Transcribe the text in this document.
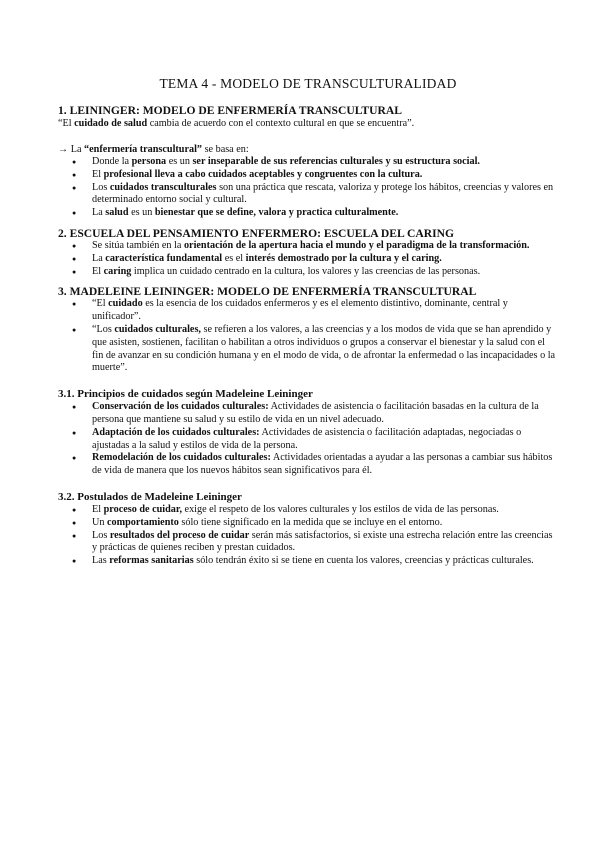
TEMA 4 - MODELO DE TRANSCULTURALIDAD

1. LEININGER: MODELO DE ENFERMERÍA TRANSCULTURAL

“El cuidado de salud cambia de acuerdo con el contexto cultural en que se encuentra”.

→ La “enfermería transcultural” se basa en:

● Donde la persona es un ser inseparable de sus referencias culturales y su estructura social.
● El profesional lleva a cabo cuidados aceptables y congruentes con la cultura.
● Los cuidados transculturales son una práctica que rescata, valoriza y protege los hábitos, creencias y valores en determinado entorno social y cultural.
● La salud es un bienestar que se define, valora y practica culturalmente.

2. ESCUELA DEL PENSAMIENTO ENFERMERO: ESCUELA DEL CARING

● Se sitúa también en la orientación de la apertura hacia el mundo y el paradigma de la transformación.
● La característica fundamental es el interés demostrado por la cultura y el caring.
● El caring implica un cuidado centrado en la cultura, los valores y las creencias de las personas.

3. MADELEINE LEININGER: MODELO DE ENFERMERÍA TRANSCULTURAL

● “El cuidado es la esencia de los cuidados enfermeros y es el elemento distintivo, dominante, central y unificador”.
● “Los cuidados culturales, se refieren a los valores, a las creencias y a los modos de vida que se han aprendido y que asisten, sostienen, facilitan o habilitan a otros individuos o grupos a conservar el bienestar y la salud con el fin de avanzar en su condición humana y en el modo de vida, o de afrontar la enfermedad o las incapacidades o la muerte”.

3.1. Principios de cuidados según Madeleine Leininger

● Conservación de los cuidados culturales: Actividades de asistencia o facilitación basadas en la cultura de la persona que mantiene su salud y su estilo de vida en un nivel adecuado.
● Adaptación de los cuidados culturales: Actividades de asistencia o facilitación adaptadas, negociadas o ajustadas a la salud y estilos de vida de la persona.
● Remodelación de los cuidados culturales: Actividades orientadas a ayudar a las personas a cambiar sus hábitos de vida de manera que los nuevos hábitos sean significativos para él.

3.2. Postulados de Madeleine Leininger

● El proceso de cuidar, exige el respeto de los valores culturales y los estilos de vida de las personas.
● Un comportamiento sólo tiene significado en la medida que se incluye en el entorno.
● Los resultados del proceso de cuidar serán más satisfactorios, si existe una estrecha relación entre las creencias y prácticas de quienes reciben y prestan cuidados.
● Las reformas sanitarias sólo tendrán éxito si se tiene en cuenta los valores, creencias y prácticas culturales.
